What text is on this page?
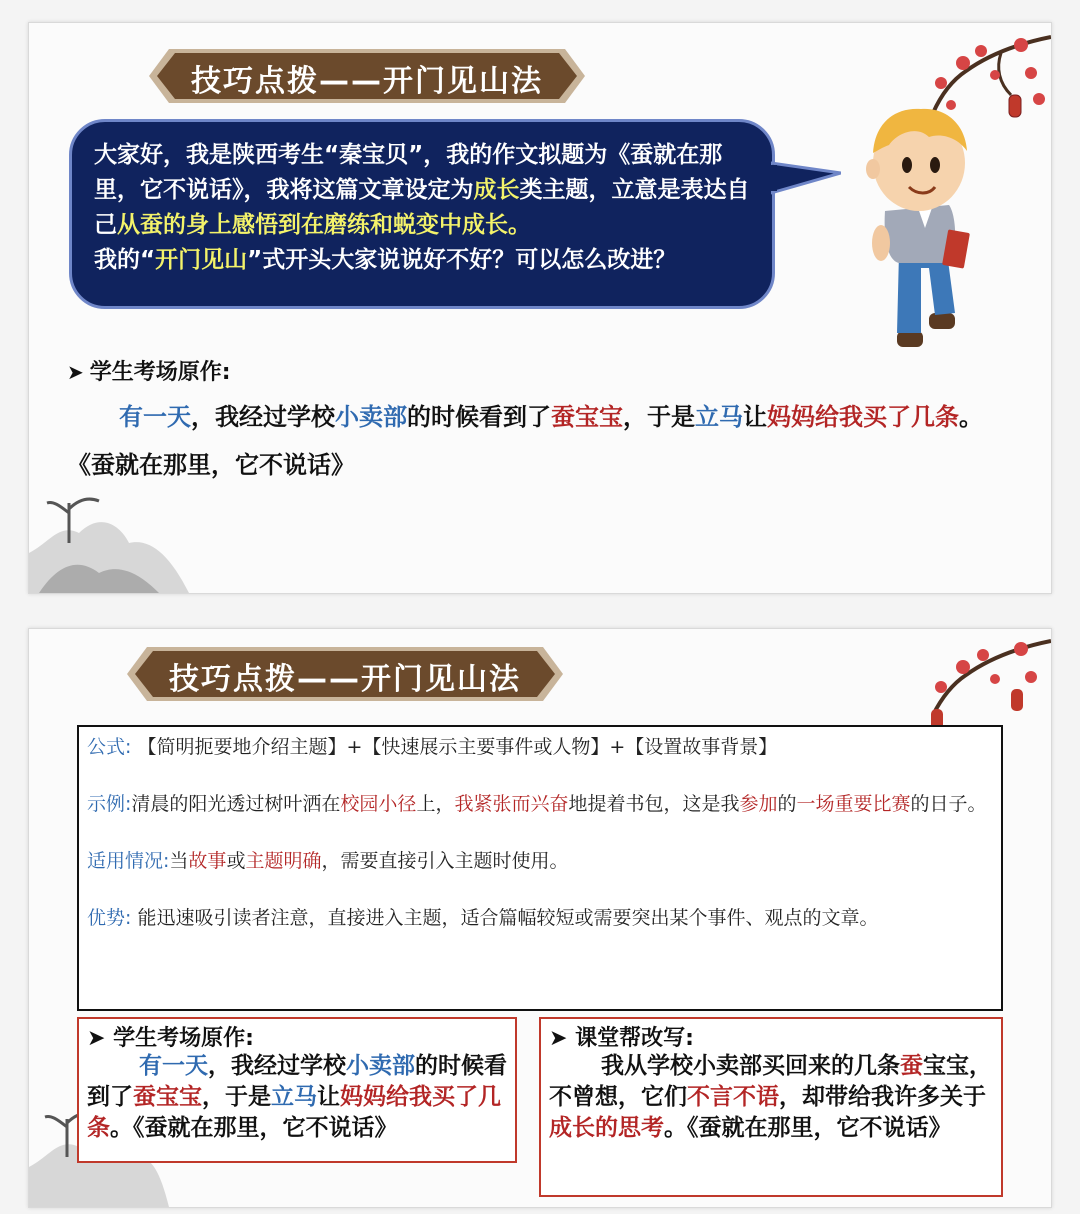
技巧点拨——开门见山法
大家好，我是陕西考生“秦宝贝”，我的作文拟题为《蚕就在那里，它不说话》，我将这篇文章设定为成长类主题，立意是表达自己从蚕的身上感悟到在磨练和蜕变中成长。
我的“开门见山”式开头大家说说好不好？可以怎么改进？
➤ 学生考场原作:
有一天，我经过学校小卖部的时候看到了蚕宝宝，于是立马让妈妈给我买了几条。《蚕就在那里，它不说话》
技巧点拨——开门见山法
公式: 【简明扼要地介绍主题】+【快速展示主要事件或人物】+【设置故事背景】
示例:清晨的阳光透过树叶洒在校园小径上，我紧张而兴奋地提着书包，这是我参加的一场重要比赛的日子。
适用情况:当故事或主题明确，需要直接引入主题时使用。
优势: 能迅速吸引读者注意，直接进入主题，适合篇幅较短或需要突出某个事件、观点的文章。
➤ 学生考场原作:
有一天，我经过学校小卖部的时候看到了蚕宝宝，于是立马让妈妈给我买了几条。《蚕就在那里，它不说话》
➤ 课堂帮改写:
我从学校小卖部买回来的几条蚕宝宝，不曾想，它们不言不语，却带给我许多关于成长的思考。《蚕就在那里，它不说话》
